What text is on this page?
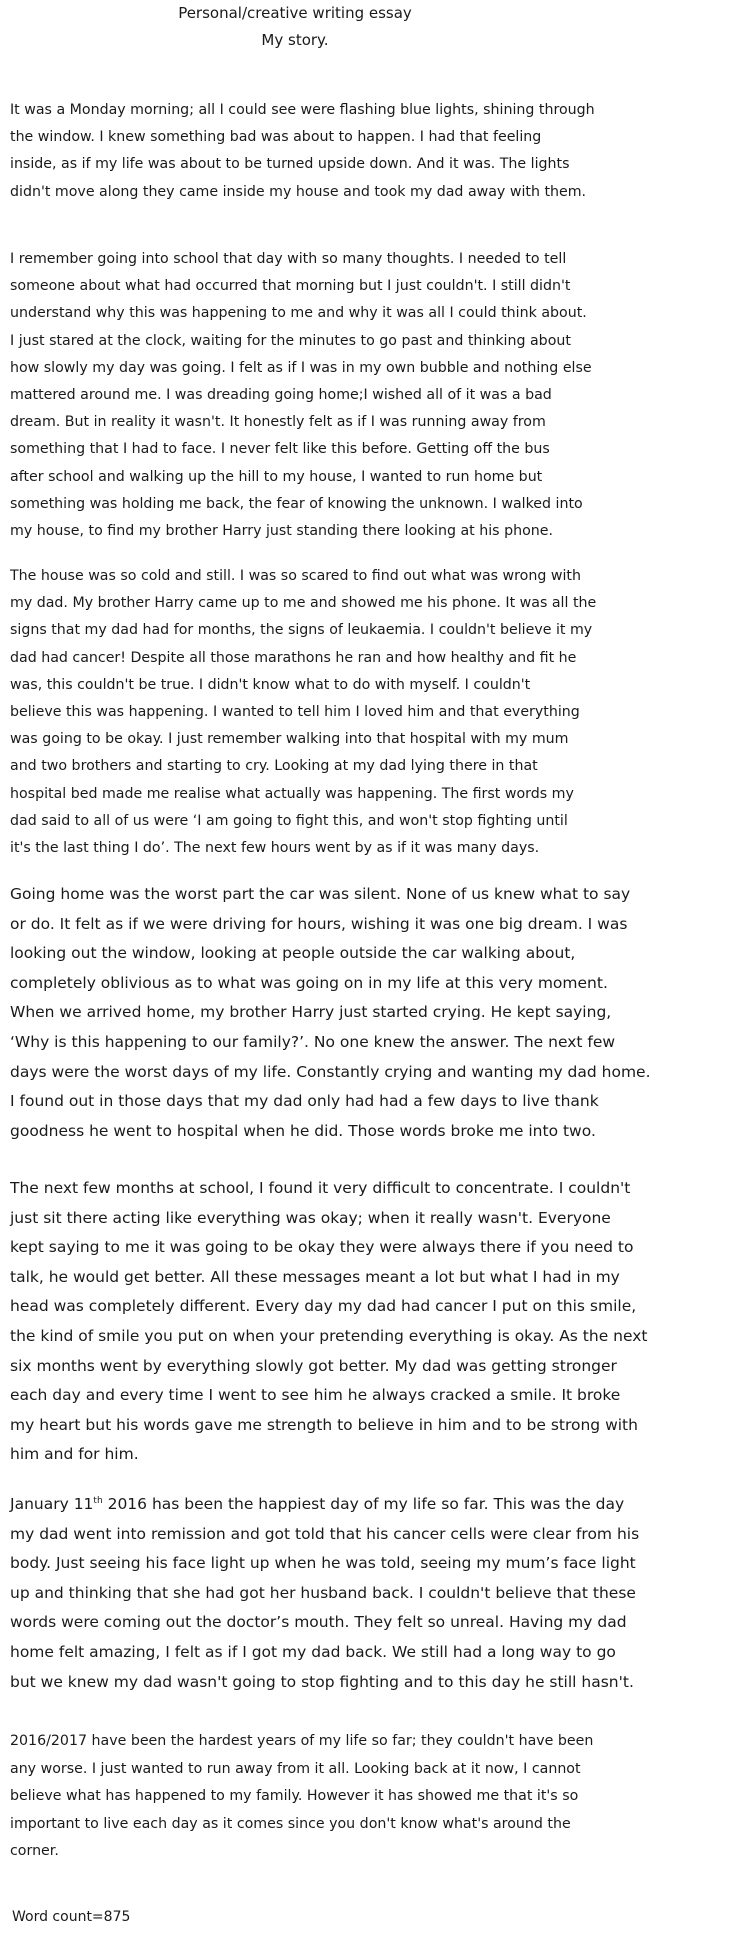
Personal/creative writing essay
My story.
It was a Monday morning; all I could see were flashing blue lights, shining through
the window. I knew something bad was about to happen. I had that feeling
inside, as if my life was about to be turned upside down. And it was. The lights
didn't move along they came inside my house and took my dad away with them.
I remember going into school that day with so many thoughts. I needed to tell
someone about what had occurred that morning but I just couldn't. I still didn't
understand why this was happening to me and why it was all I could think about.
I just stared at the clock, waiting for the minutes to go past and thinking about
how slowly my day was going. I felt as if I was in my own bubble and nothing else
mattered around me. I was dreading going home;I wished all of it was a bad
dream. But in reality it wasn't. It honestly felt as if I was running away from
something that I had to face. I never felt like this before. Getting off the bus
after school and walking up the hill to my house, I wanted to run home but
something was holding me back, the fear of knowing the unknown. I walked into
my house, to find my brother Harry just standing there looking at his phone.
The house was so cold and still. I was so scared to find out what was wrong with
my dad. My brother Harry came up to me and showed me his phone. It was all the
signs that my dad had for months, the signs of leukaemia. I couldn't believe it my
dad had cancer! Despite all those marathons he ran and how healthy and fit he
was, this couldn't be true. I didn't know what to do with myself. I couldn't
believe this was happening. I wanted to tell him I loved him and that everything
was going to be okay. I just remember walking into that hospital with my mum
and two brothers and starting to cry. Looking at my dad lying there in that
hospital bed made me realise what actually was happening. The first words my
dad said to all of us were ‘I am going to fight this, and won't stop fighting until
it's the last thing I do’. The next few hours went by as if it was many days.
Going home was the worst part the car was silent. None of us knew what to say
or do. It felt as if we were driving for hours, wishing it was one big dream. I was
looking out the window, looking at people outside the car walking about,
completely oblivious as to what was going on in my life at this very moment.
When we arrived home, my brother Harry just started crying. He kept saying,
‘Why is this happening to our family?’. No one knew the answer. The next few
days were the worst days of my life. Constantly crying and wanting my dad home.
I found out in those days that my dad only had had a few days to live thank
goodness he went to hospital when he did. Those words broke me into two.
The next few months at school, I found it very difficult to concentrate. I couldn't
just sit there acting like everything was okay; when it really wasn't. Everyone
kept saying to me it was going to be okay they were always there if you need to
talk, he would get better. All these messages meant a lot but what I had in my
head was completely different. Every day my dad had cancer I put on this smile,
the kind of smile you put on when your pretending everything is okay. As the next
six months went by everything slowly got better. My dad was getting stronger
each day and every time I went to see him he always cracked a smile. It broke
my heart but his words gave me strength to believe in him and to be strong with
him and for him.
January 11th 2016 has been the happiest day of my life so far. This was the day
my dad went into remission and got told that his cancer cells were clear from his
body. Just seeing his face light up when he was told, seeing my mum’s face light
up and thinking that she had got her husband back. I couldn't believe that these
words were coming out the doctor’s mouth. They felt so unreal. Having my dad
home felt amazing, I felt as if I got my dad back. We still had a long way to go
but we knew my dad wasn't going to stop fighting and to this day he still hasn't.
2016/2017 have been the hardest years of my life so far; they couldn't have been
any worse. I just wanted to run away from it all. Looking back at it now, I cannot
believe what has happened to my family. However it has showed me that it's so
important to live each day as it comes since you don't know what's around the
corner.
Word count=875
